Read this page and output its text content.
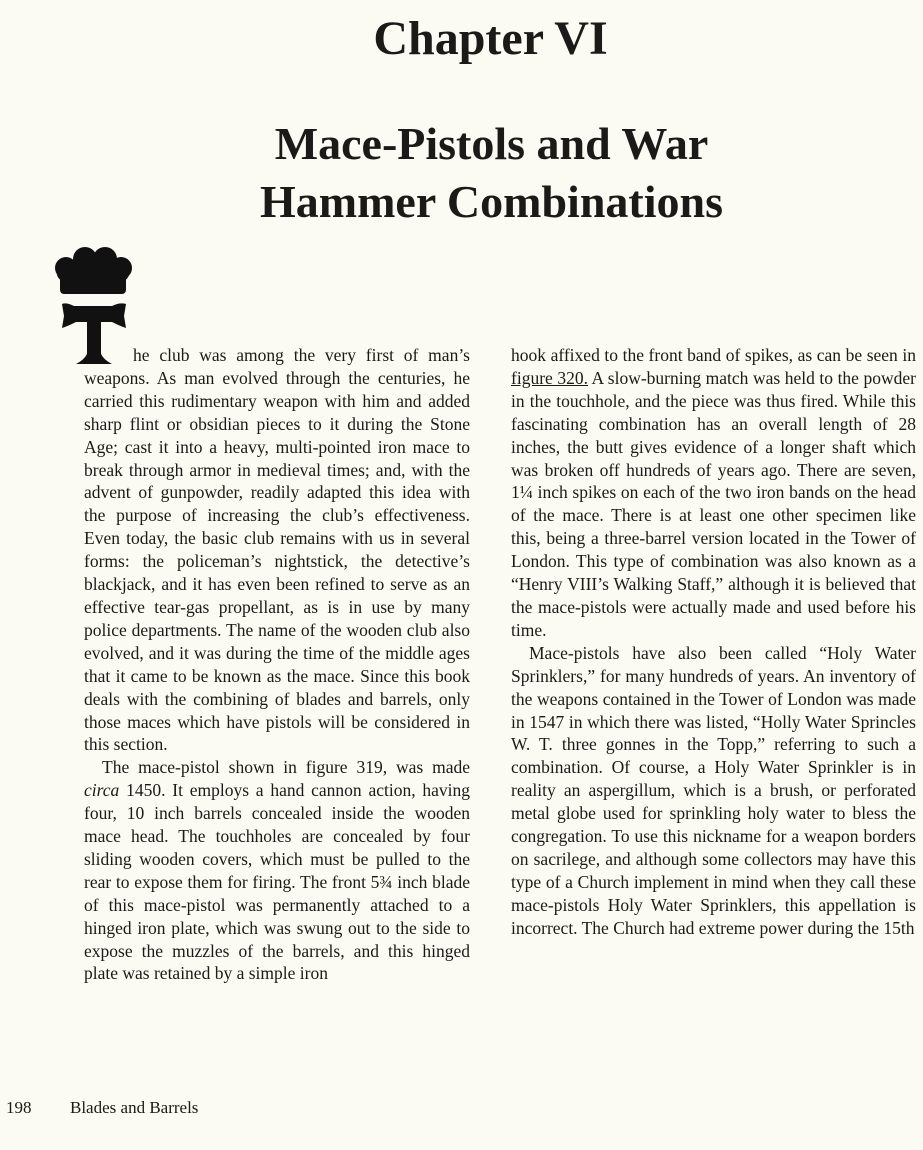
Chapter VI
Mace-Pistols and War
Hammer Combinations

he club was among the very first of man’s weapons. As man evolved through the centuries, he carried this rudimentary weapon with him and added sharp flint or obsidian pieces to it during the Stone Age; cast it into a heavy, multi-pointed iron mace to break through armor in medieval times; and, with the advent of gunpowder, readily adapted this idea with the purpose of increasing the club’s effectiveness. Even today, the basic club remains with us in several forms: the policeman’s nightstick, the detective’s blackjack, and it has even been refined to serve as an effective tear-gas propellant, as is in use by many police departments. The name of the wooden club also evolved, and it was during the time of the middle ages that it came to be known as the mace. Since this book deals with the combining of blades and barrels, only those maces which have pistols will be considered in this section.

The mace-pistol shown in figure 319, was made circa 1450. It employs a hand cannon action, having four, 10 inch barrels concealed inside the wooden mace head. The touchholes are concealed by four sliding wooden covers, which must be pulled to the rear to expose them for firing. The front 5¾ inch blade of this mace-pistol was permanently attached to a hinged iron plate, which was swung out to the side to expose the muzzles of the barrels, and this hinged plate was retained by a simple iron

hook affixed to the front band of spikes, as can be seen in figure 320. A slow-burning match was held to the powder in the touchhole, and the piece was thus fired. While this fascinating combination has an overall length of 28 inches, the butt gives evidence of a longer shaft which was broken off hundreds of years ago. There are seven, 1¼ inch spikes on each of the two iron bands on the head of the mace. There is at least one other specimen like this, being a three-barrel version located in the Tower of London. This type of combination was also known as a “Henry VIII’s Walking Staff,” although it is believed that the mace-pistols were actually made and used before his time.

Mace-pistols have also been called “Holy Water Sprinklers,” for many hundreds of years. An inventory of the weapons contained in the Tower of London was made in 1547 in which there was listed, “Holly Water Sprincles W. T. three gonnes in the Topp,” referring to such a combination. Of course, a Holy Water Sprinkler is in reality an aspergillum, which is a brush, or perforated metal globe used for sprinkling holy water to bless the congregation. To use this nickname for a weapon borders on sacrilege, and although some collectors may have this type of a Church implement in mind when they call these mace-pistols Holy Water Sprinklers, this appellation is incorrect. The Church had extreme power during the 15th

198 Blades and Barrels
